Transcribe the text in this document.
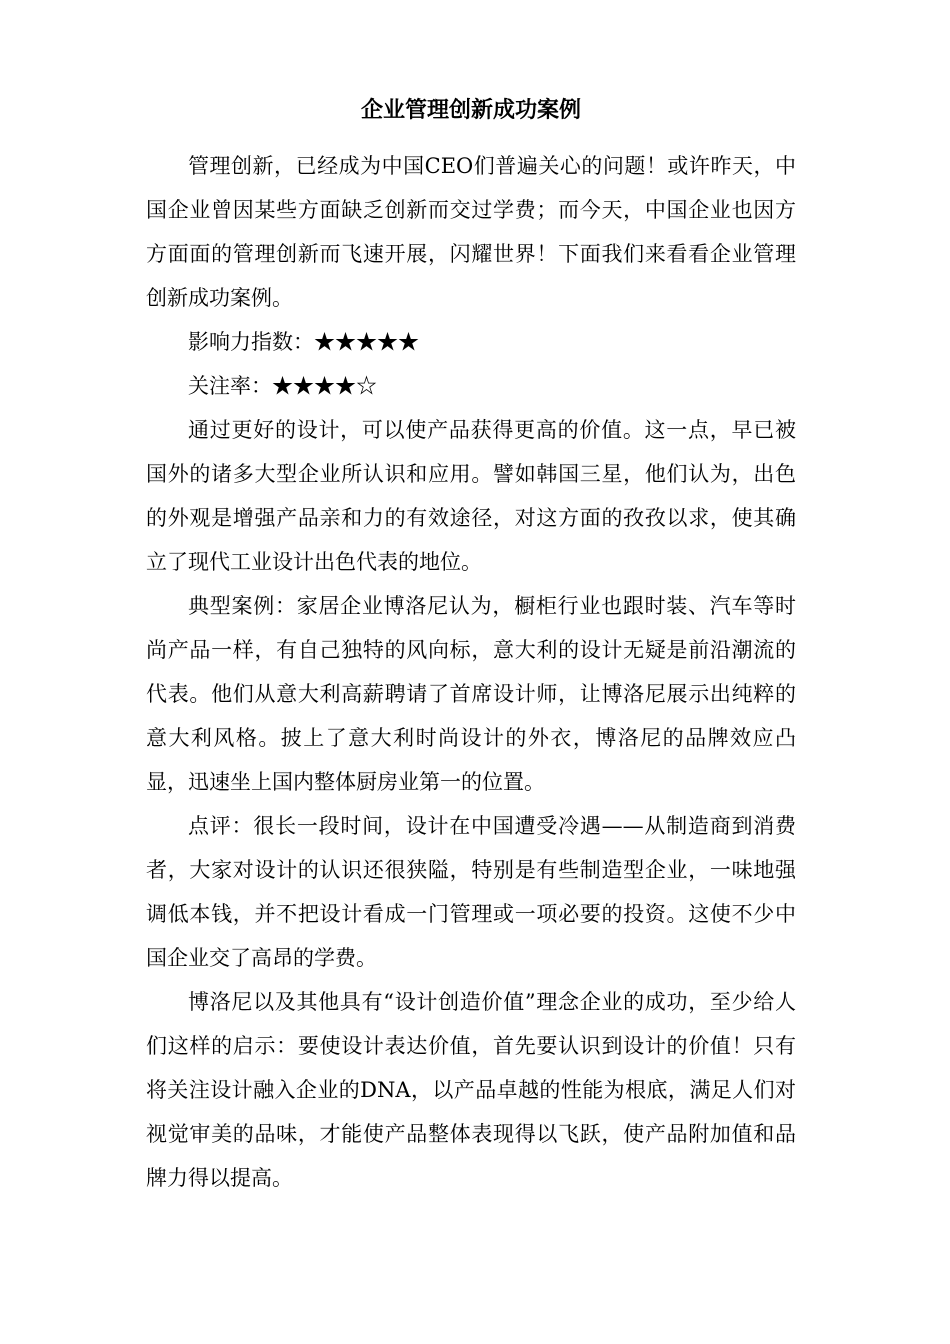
企业管理创新成功案例

管理创新，已经成为中国CEO们普遍关心的问题！或许昨天，中国企业曾因某些方面缺乏创新而交过学费；而今天，中国企业也因方方面面的管理创新而飞速开展，闪耀世界！下面我们来看看企业管理创新成功案例。

影响力指数：★★★★★

关注率：★★★★☆

通过更好的设计，可以使产品获得更高的价值。这一点，早已被国外的诸多大型企业所认识和应用。譬如韩国三星，他们认为，出色的外观是增强产品亲和力的有效途径，对这方面的孜孜以求，使其确立了现代工业设计出色代表的地位。

典型案例：家居企业博洛尼认为，橱柜行业也跟时装、汽车等时尚产品一样，有自己独特的风向标，意大利的设计无疑是前沿潮流的代表。他们从意大利高薪聘请了首席设计师，让博洛尼展示出纯粹的意大利风格。披上了意大利时尚设计的外衣，博洛尼的品牌效应凸显，迅速坐上国内整体厨房业第一的位置。

点评：很长一段时间，设计在中国遭受冷遇——从制造商到消费者，大家对设计的认识还很狭隘，特别是有些制造型企业，一味地强调低本钱，并不把设计看成一门管理或一项必要的投资。这使不少中国企业交了高昂的学费。

博洛尼以及其他具有“设计创造价值”理念企业的成功，至少给人们这样的启示：要使设计表达价值，首先要认识到设计的价值！只有将关注设计融入企业的DNA，以产品卓越的性能为根底，满足人们对视觉审美的品味，才能使产品整体表现得以飞跃，使产品附加值和品牌力得以提高。
